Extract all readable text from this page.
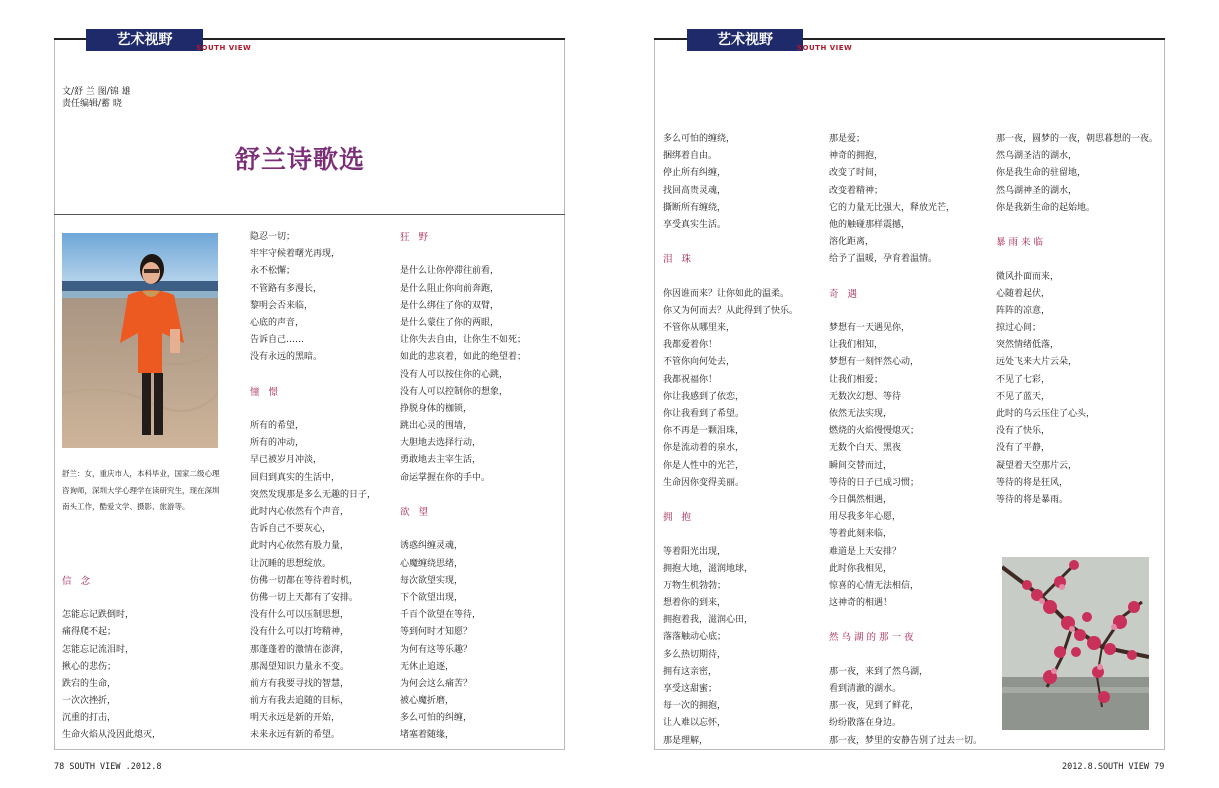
艺术视野	SOUTH VIEW	艺术视野	SOUTH VIEW
文/舒 兰 图/锦 雄
责任编辑/蓄 晓
舒兰诗歌选
舒兰：女，重庆市人，本科毕业，国家二级心理咨询师，深圳大学心理学在读研究生，现在深圳南头工作，酷爱文学、摄影、旅游等。
信 念
怎能忘记跌倒时，
痛得爬不起；
怎能忘记流泪时，
揪心的悲伤；
跌宕的生命，
一次次挫折，
沉重的打击，
生命火焰从没因此熄灭，
隐忍一切；
牢牢守候着曙光再现，
永不松懈；
不管路有多漫长，
黎明会否来临，
心底的声音，
告诉自己……
没有永远的黑暗。
憧 憬
所有的希望，
所有的冲动，
早已被岁月冲淡，
回归到真实的生活中，
突然发现那是多么无趣的日子，
此时内心依然有个声音，
告诉自己不要灰心，
此时内心依然有股力量，
让沉睡的思想绽放。
仿佛一切都在等待着时机，
仿佛一切上天都有了安排。
没有什么可以压制思想，
没有什么可以打垮精神，
那蓬蓬着的激情在澎湃，
那渴望知识力量永不变。
前方有我要寻找的智慧，
前方有我去追随的目标，
明天永远是新的开始，
未来永远有新的希望。
狂 野
是什么让你停滞往前看，
是什么阻止你向前奔跑，
是什么绑住了你的双臂，
是什么蒙住了你的两眼，
让你失去自由，让你生不如死；
如此的悲哀着，如此的绝望着；
没有人可以按住你的心跳，
没有人可以控制你的想象，
挣脱身体的枷锁，
跳出心灵的围墙，
大胆地去选择行动，
勇敢地去主宰生活，
命运掌握在你的手中。
欲 望
诱惑纠缠灵魂，
心魔缠绕思绪，
每次欲望实现，
下个欲望出现，
千百个欲望在等待，
等到何时才知愿？
为何有这等乐趣？
无休止追逐，
为何会这么痛苦？
被心魔折磨，
多么可怕的纠缠，
堵塞着随缘，
多么可怕的缠绕，
捆绑着自由。
停止所有纠缠，
找回高贵灵魂，
撕断所有缠绕，
享受真实生活。
泪 珠
你因谁而来？让你如此的温柔。
你又为何而去？从此得到了快乐。
不管你从哪里来，
我都爱着你！
不管你向何处去，
我都祝福你！
你让我感到了依恋，
你让我看到了希望。
你不再是一颗泪珠，
你是流动着的泉水，
你是人性中的光芒，
生命因你变得美丽。
拥 抱
等着阳光出现，
拥抱大地，滋润地球，
万物生机勃勃；
想着你的到来，
拥抱着我，滋润心田，
落落触动心底；
多么热切期待，
拥有这亲密，
享受这甜蜜；
每一次的拥抱，
让人难以忘怀，
那是理解，
那是爱；
神奇的拥抱，
改变了时间，
改变着精神；
它的力量无比强大，释放光芒，
他的触碰那样震撼，
溶化距离，
给予了温暖，孕育着温情。
奇 遇
梦想有一天遇见你，
让我们相知，
梦想有一刻怦然心动，
让我们相爱；
无数次幻想、等待
依然无法实现，
燃烧的火焰慢慢熄灭；
无数个白天、黑夜
瞬间交替而过，
等待的日子已成习惯；
今日偶然相遇，
用尽我多年心愿，
等着此刻来临，
难道是上天安排？
此时你我相见，
惊喜的心情无法相信，
这神奇的相遇！
然乌湖的那一夜
那一夜，来到了然乌湖，
看到清澈的湖水。
那一夜，见到了鲜花，
纷纷散落在身边。
那一夜，梦里的安静告别了过去一切。
那一夜，圆梦的一夜，朝思暮想的一夜。
然乌湖圣洁的湖水，
你是我生命的驻留地，
然乌湖神圣的湖水，
你是我新生命的起始地。
暴雨来临
微风扑面而来，
心随着起伏，
阵阵的凉意，
掠过心间；
突然情绪低落，
远处飞来大片云朵，
不见了七彩，
不见了蓝天，
此时的乌云压住了心头，
没有了快乐，
没有了平静，
凝望着天空那片云，
等待的将是狂风，
等待的将是暴雨。
78 SOUTH VIEW .2012.8	2012.8.SOUTH VIEW 79
